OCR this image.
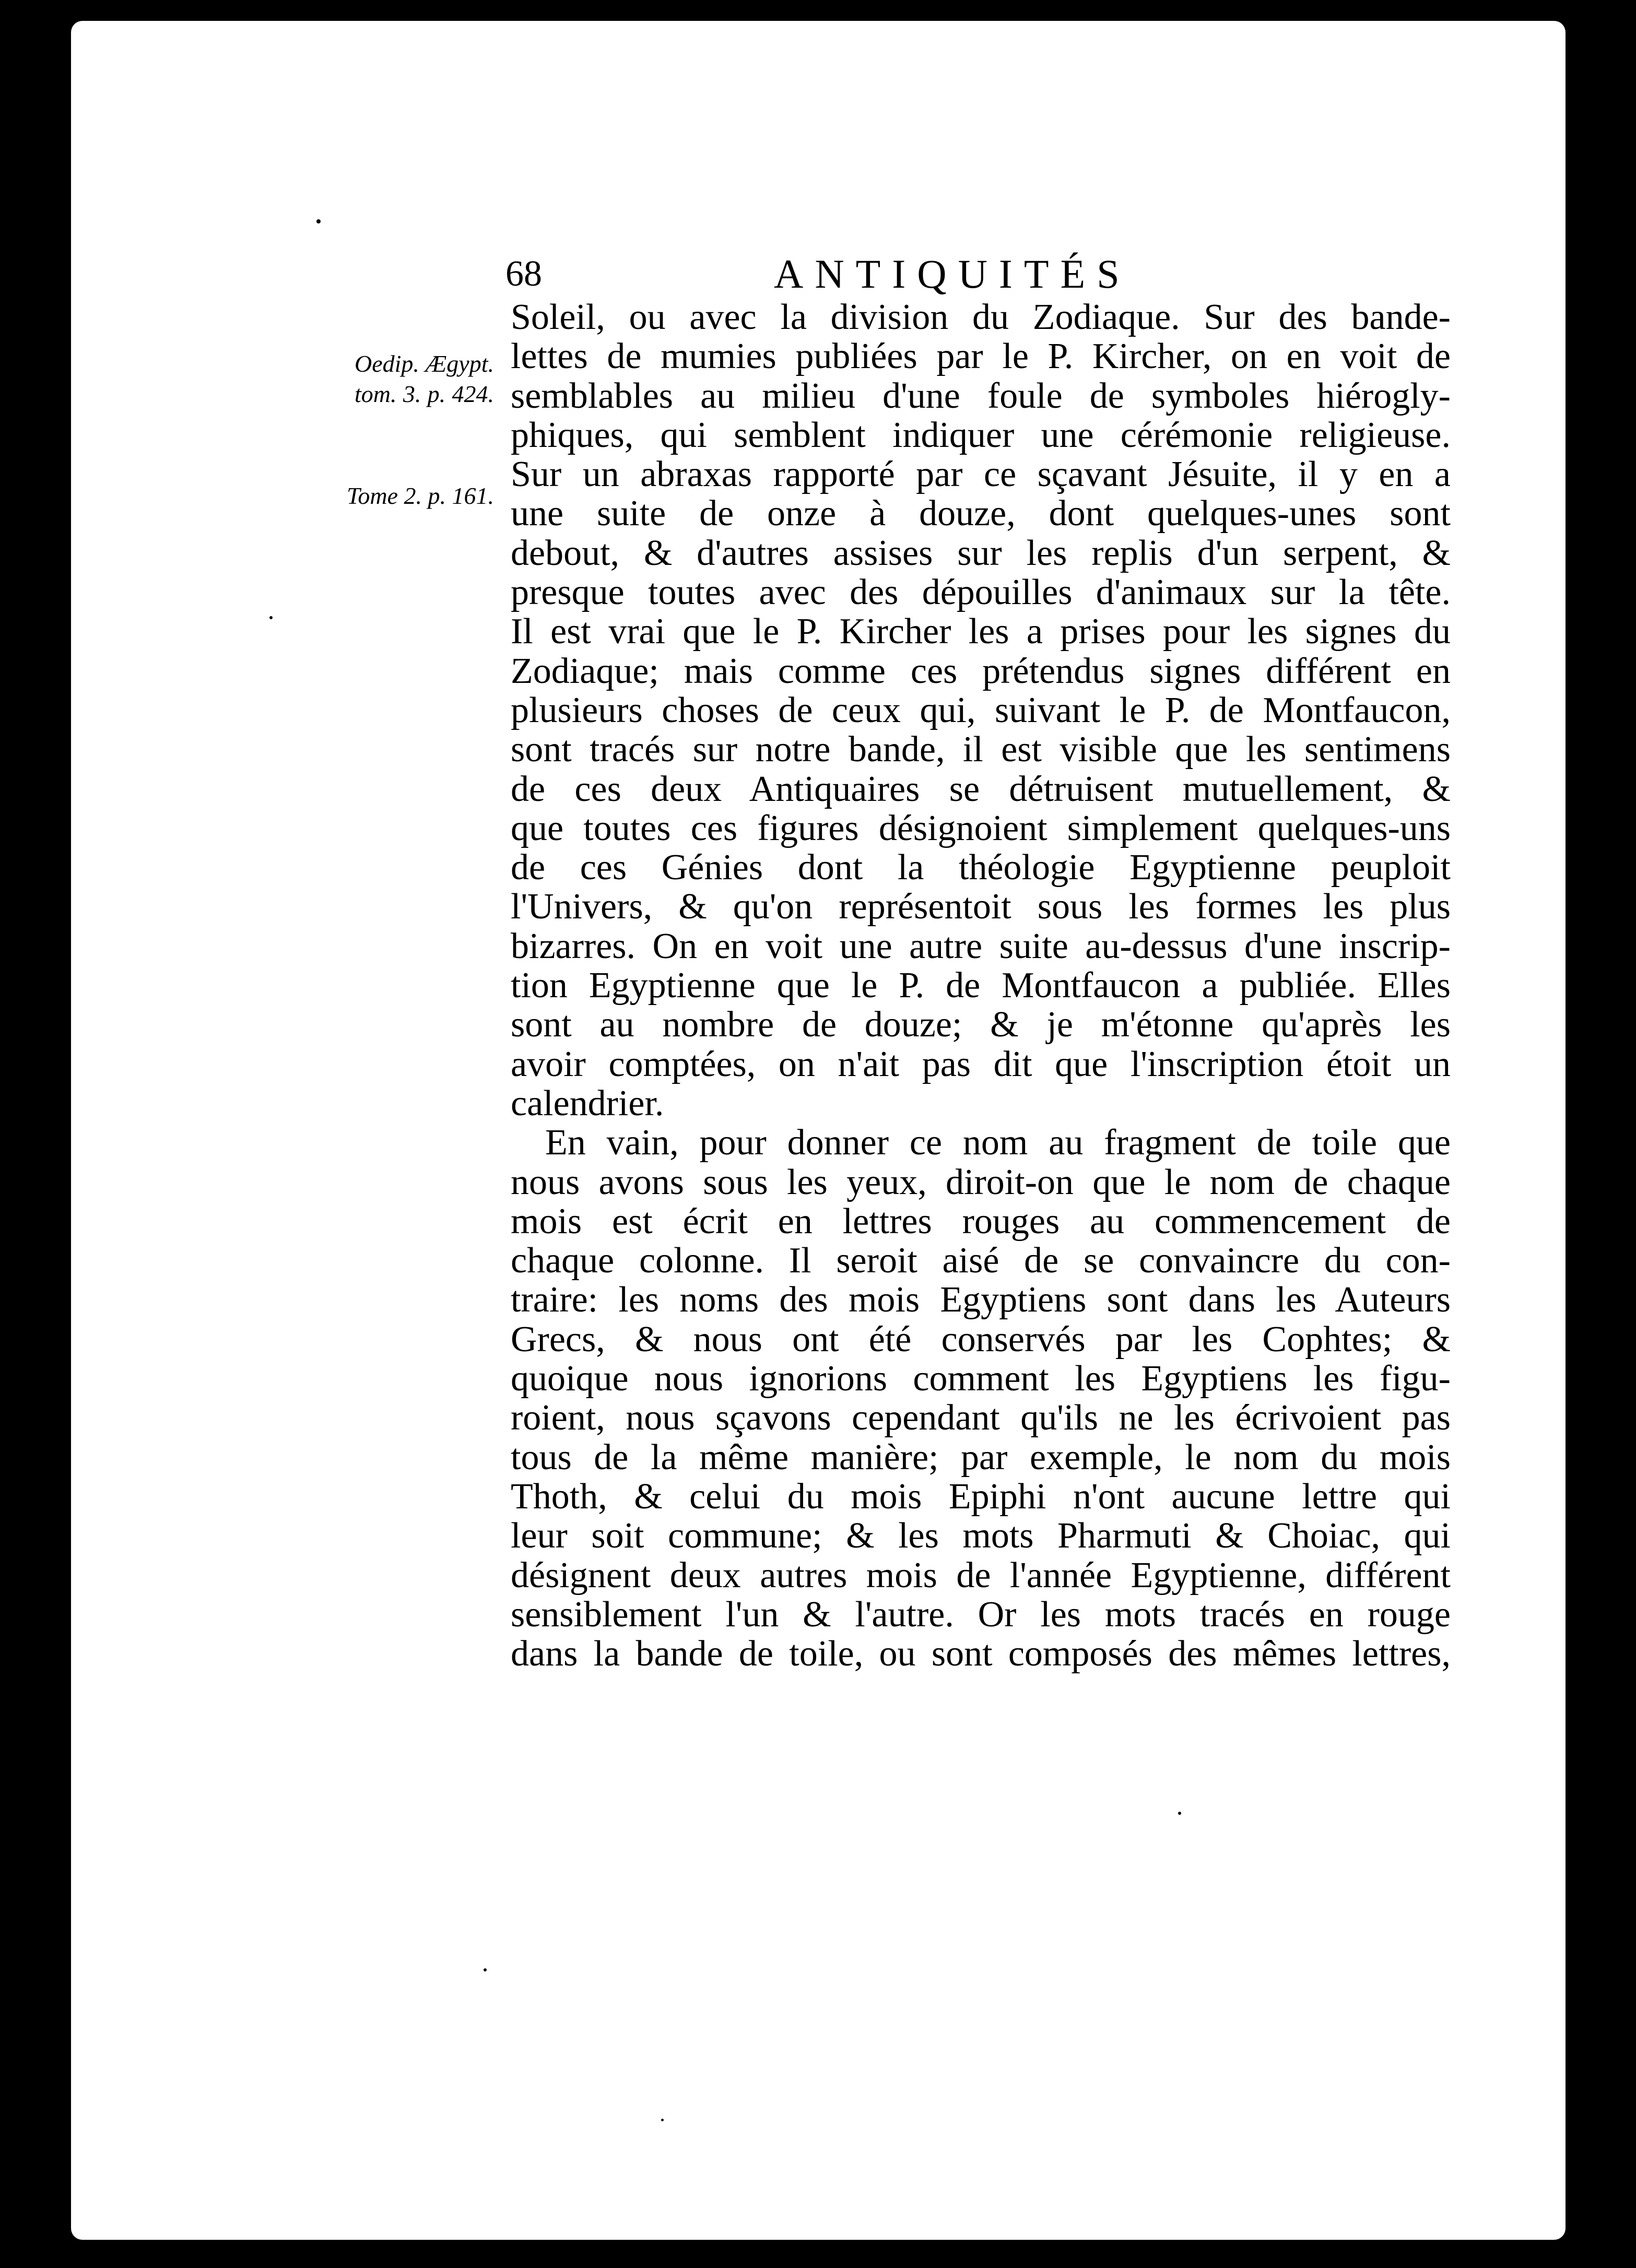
68	ANTIQUITÉS
Oedip. Ægypt.
tom. 3. p. 424.
Tome 2. p. 161.
Soleil, ou avec la division du Zodiaque. Sur des bande-
lettes de mumies publiées par le P. Kircher, on en voit de
semblables au milieu d'une foule de symboles hiérogly-
phiques, qui semblent indiquer une cérémonie religieuse.
Sur un abraxas rapporté par ce sçavant Jésuite, il y en a
une suite de onze à douze, dont quelques-unes sont
debout, & d'autres assises sur les replis d'un serpent, &
presque toutes avec des dépouilles d'animaux sur la tête.
Il est vrai que le P. Kircher les a prises pour les signes du
Zodiaque; mais comme ces prétendus signes différent en
plusieurs choses de ceux qui, suivant le P. de Montfaucon,
sont tracés sur notre bande, il est visible que les sentimens
de ces deux Antiquaires se détruisent mutuellement, &
que toutes ces figures désignoient simplement quelques-uns
de ces Génies dont la théologie Egyptienne peuploit
l'Univers, & qu'on représentoit sous les formes les plus
bizarres. On en voit une autre suite au-dessus d'une inscrip-
tion Egyptienne que le P. de Montfaucon a publiée. Elles
sont au nombre de douze; & je m'étonne qu'après les
avoir comptées, on n'ait pas dit que l'inscription étoit un
calendrier.
En vain, pour donner ce nom au fragment de toile que
nous avons sous les yeux, diroit-on que le nom de chaque
mois est écrit en lettres rouges au commencement de
chaque colonne. Il seroit aisé de se convaincre du con-
traire: les noms des mois Egyptiens sont dans les Auteurs
Grecs, & nous ont été conservés par les Cophtes; &
quoique nous ignorions comment les Egyptiens les figu-
roient, nous sçavons cependant qu'ils ne les écrivoient pas
tous de la même manière; par exemple, le nom du mois
Thoth, & celui du mois Epiphi n'ont aucune lettre qui
leur soit commune; & les mots Pharmuti & Choiac, qui
désignent deux autres mois de l'année Egyptienne, différent
sensiblement l'un & l'autre. Or les mots tracés en rouge
dans la bande de toile, ou sont composés des mêmes lettres,
